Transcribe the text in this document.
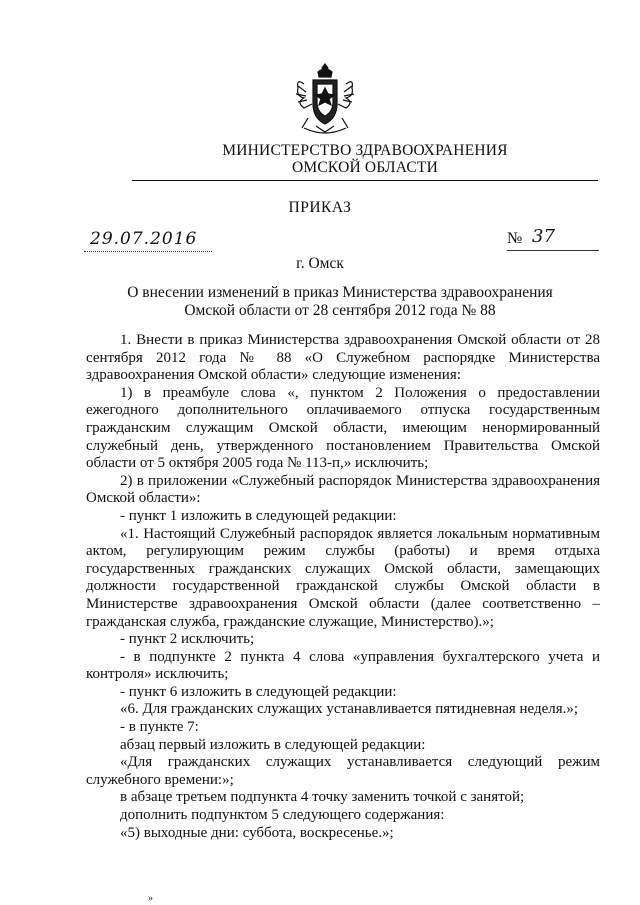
МИНИСТЕРСТВО ЗДРАВООХРАНЕНИЯ
ОМСКОЙ ОБЛАСТИ
ПРИКАЗ
29.07.2016	№ 37
г. Омск
О внесении изменений в приказ Министерства здравоохранения Омской области от 28 сентября 2012 года № 88

1. Внести в приказ Министерства здравоохранения Омской области от 28 сентября 2012 года № 88 «О Служебном распорядке Министерства здравоохранения Омской области» следующие изменения:

1) в преамбуле слова «, пунктом 2 Положения о предоставлении ежегодного дополнительного оплачиваемого отпуска государственным гражданским служащим Омской области, имеющим ненормированный служебный день, утвержденного постановлением Правительства Омской области от 5 октября 2005 года № 113-п,» исключить;

2) в приложении «Служебный распорядок Министерства здравоохранения Омской области»:

- пункт 1 изложить в следующей редакции:

«1. Настоящий Служебный распорядок является локальным нормативным актом, регулирующим режим службы (работы) и время отдыха государственных гражданских служащих Омской области, замещающих должности государственной гражданской службы Омской области в Министерстве здравоохранения Омской области (далее соответственно – гражданская служба, гражданские служащие, Министерство).»;

- пункт 2 исключить;

- в подпункте 2 пункта 4 слова «управления бухгалтерского учета и контроля» исключить;

- пункт 6 изложить в следующей редакции:

«6. Для гражданских служащих устанавливается пятидневная неделя.»;

- в пункте 7:

абзац первый изложить в следующей редакции:

«Для гражданских служащих устанавливается следующий режим служебного времени:»;

в абзаце третьем подпункта 4 точку заменить точкой с занятой;

дополнить подпунктом 5 следующего содержания:

«5) выходные дни: суббота, воскресенье.»;

»
